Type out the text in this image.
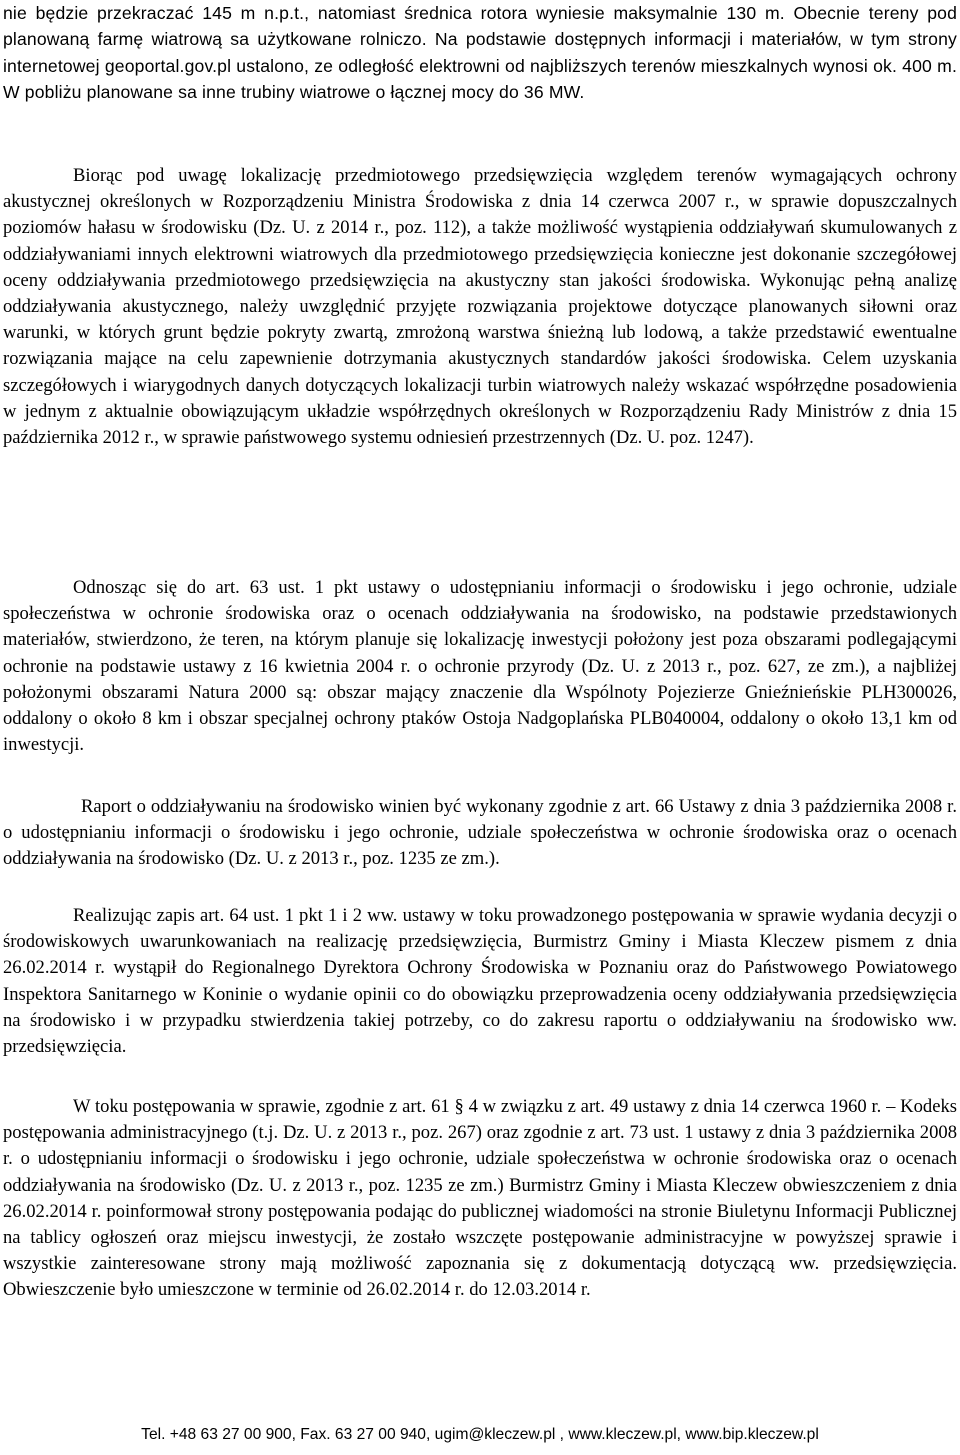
nie będzie przekraczać 145 m n.p.t., natomiast średnica rotora wyniesie maksymalnie 130 m. Obecnie tereny pod planowaną farmę wiatrową sa użytkowane rolniczo. Na podstawie dostępnych informacji i materiałów, w tym strony internetowej geoportal.gov.pl ustalono, ze odległość elektrowni od najbliższych terenów mieszkalnych wynosi ok. 400 m. W pobliżu planowane sa inne trubiny wiatrowe o łącznej mocy do 36 MW.
Biorąc pod uwagę lokalizację przedmiotowego przedsięwzięcia względem terenów wymagających ochrony akustycznej określonych w Rozporządzeniu Ministra Środowiska z dnia 14 czerwca 2007 r., w sprawie dopuszczalnych poziomów hałasu w środowisku (Dz. U. z 2014 r., poz. 112), a także możliwość wystąpienia oddziaływań skumulowanych z oddziaływaniami innych elektrowni wiatrowych dla przedmiotowego przedsięwzięcia konieczne jest dokonanie szczegółowej oceny oddziaływania przedmiotowego przedsięwzięcia na akustyczny stan jakości środowiska. Wykonując pełną analizę oddziaływania akustycznego, należy uwzględnić przyjęte rozwiązania projektowe dotyczące planowanych siłowni oraz warunki, w których grunt będzie pokryty zwartą, zmrożoną warstwa śnieżną lub lodową, a także przedstawić ewentualne rozwiązania mające na celu zapewnienie dotrzymania akustycznych standardów jakości środowiska. Celem uzyskania szczegółowych i wiarygodnych danych dotyczących lokalizacji turbin wiatrowych należy wskazać współrzędne posadowienia w jednym z aktualnie obowiązującym układzie współrzędnych określonych w Rozporządzeniu Rady Ministrów z dnia 15 października 2012 r., w sprawie państwowego systemu odniesień przestrzennych (Dz. U. poz. 1247).
Odnosząc się do art. 63 ust. 1 pkt ustawy o udostępnianiu informacji o środowisku i jego ochronie, udziale społeczeństwa w ochronie środowiska oraz o ocenach oddziaływania na środowisko, na podstawie przedstawionych materiałów, stwierdzono, że teren, na którym planuje się lokalizację inwestycji położony jest poza obszarami podlegającymi ochronie na podstawie ustawy z 16 kwietnia 2004 r. o ochronie przyrody (Dz. U. z 2013 r., poz. 627, ze zm.), a najbliżej położonymi obszarami Natura 2000 są: obszar mający znaczenie dla Wspólnoty Pojezierze Gnieźnieńskie PLH300026, oddalony o około 8 km i obszar specjalnej ochrony ptaków Ostoja Nadgoplańska PLB040004, oddalony o około 13,1 km od inwestycji.
Raport o oddziaływaniu na środowisko winien być wykonany zgodnie z art. 66 Ustawy z dnia 3 października 2008 r. o udostępnianiu informacji o środowisku i jego ochronie, udziale społeczeństwa w ochronie środowiska oraz o ocenach oddziaływania na środowisko (Dz. U. z 2013 r., poz. 1235 ze zm.).
Realizując zapis art. 64 ust. 1 pkt 1 i 2 ww. ustawy w toku prowadzonego postępowania w sprawie wydania decyzji o środowiskowych uwarunkowaniach na realizację przedsięwzięcia, Burmistrz Gminy i Miasta Kleczew pismem z dnia 26.02.2014 r. wystąpił do Regionalnego Dyrektora Ochrony Środowiska w Poznaniu oraz do Państwowego Powiatowego Inspektora Sanitarnego w Koninie o wydanie opinii co do obowiązku przeprowadzenia oceny oddziaływania przedsięwzięcia na środowisko i w przypadku stwierdzenia takiej potrzeby, co do zakresu raportu o oddziaływaniu na środowisko ww. przedsięwzięcia.
W toku postępowania w sprawie, zgodnie z art. 61 § 4 w związku z art. 49 ustawy z dnia 14 czerwca 1960 r. – Kodeks postępowania administracyjnego (t.j. Dz. U. z 2013 r., poz. 267) oraz zgodnie z art. 73 ust. 1 ustawy z dnia 3 października 2008 r. o udostępnianiu informacji o środowisku i jego ochronie, udziale społeczeństwa w ochronie środowiska oraz o ocenach oddziaływania na środowisko (Dz. U. z 2013 r., poz. 1235 ze zm.) Burmistrz Gminy i Miasta Kleczew obwieszczeniem z dnia 26.02.2014 r. poinformował strony postępowania podając do publicznej wiadomości na stronie Biuletynu Informacji Publicznej na tablicy ogłoszeń oraz miejscu inwestycji, że zostało wszczęte postępowanie administracyjne w powyższej sprawie i wszystkie zainteresowane strony mają możliwość zapoznania się z dokumentacją dotyczącą ww. przedsięwzięcia. Obwieszczenie było umieszczone w terminie od 26.02.2014 r. do 12.03.2014 r.
Tel. +48 63 27 00 900, Fax. 63 27 00 940, ugim@kleczew.pl , www.kleczew.pl, www.bip.kleczew.pl
